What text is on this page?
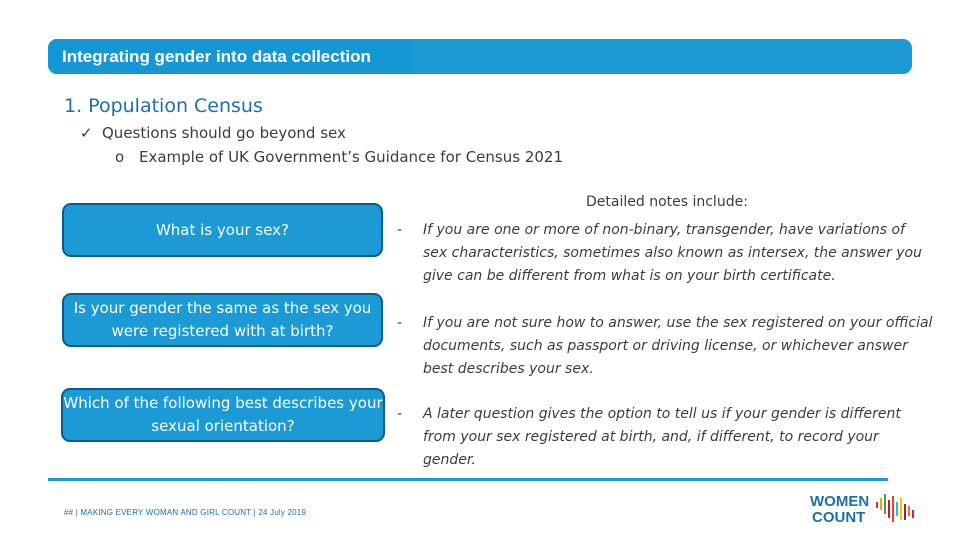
Integrating gender into data collection
1. Population Census
✓ Questions should go beyond sex
o Example of UK Government’s Guidance for Census 2021
What is your sex?
Is your gender the same as the sex you were registered with at birth?
Which of the following best describes your sexual orientation?
Detailed notes include:
- If you are one or more of non-binary, transgender, have variations of sex characteristics, sometimes also known as intersex, the answer you give can be different from what is on your birth certificate.
- If you are not sure how to answer, use the sex registered on your official documents, such as passport or driving license, or whichever answer best describes your sex.
- A later question gives the option to tell us if your gender is different from your sex registered at birth, and, if different, to record your gender.
## | MAKING EVERY WOMAN AND GIRL COUNT | 24 July 2019
WOMEN
COUNT
